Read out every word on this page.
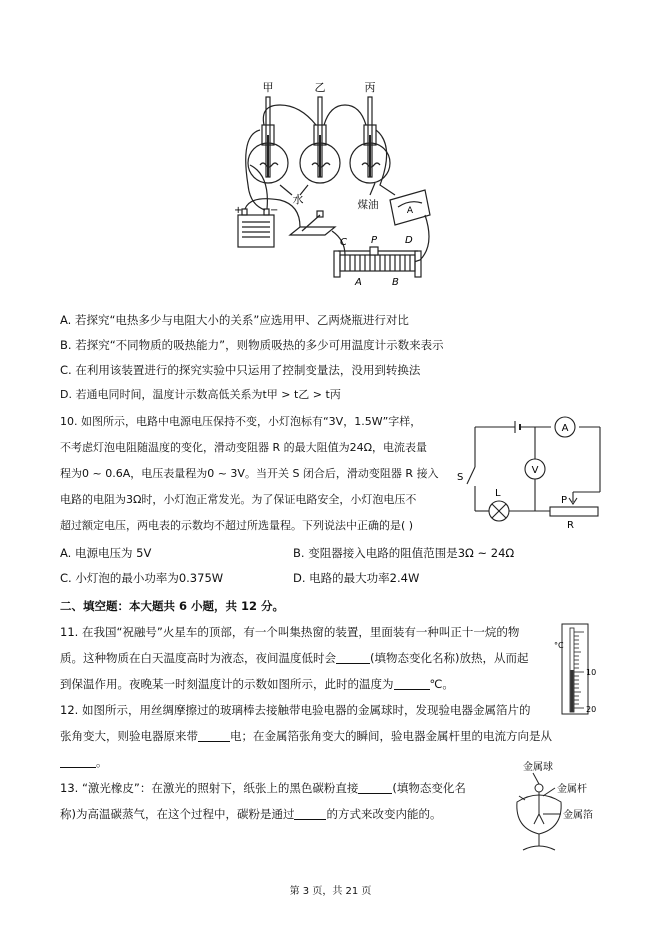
甲	乙	丙
水	煤油
+	−	A
C P	D
A	B
A. 若探究“电热多少与电阻大小的关系”应选用甲、乙两烧瓶进行对比
B. 若探究“不同物质的吸热能力”，则物质吸热的多少可用温度计示数来表示
C. 在利用该装置进行的探究实验中只运用了控制变量法，没用到转换法
D. 若通电同时间，温度计示数高低关系为t甲 > t乙 > t丙
10. 如图所示，电路中电源电压保持不变，小灯泡标有“3V，1.5W”字样，
不考虑灯泡电阻随温度的变化，滑动变阻器 R 的最大阻值为24Ω，电流表量
程为0 ~ 0.6A，电压表量程为0 ~ 3V。当开关 S 闭合后，滑动变阻器 R 接入
电路的电阻为3Ω时，小灯泡正常发光。为了保证电路安全，小灯泡电压不
超过额定电压，两电表的示数均不超过所选量程。下列说法中正确的是( )
A. 电源电压为 5V	B. 变阻器接入电路的阻值范围是3Ω ~ 24Ω
C. 小灯泡的最小功率为0.375W	D. 电路的最大功率2.4W
A
V
S
L
P
R
二、填空题：本大题共 6 小题，共 12 分。
11. 在我国“祝融号”火星车的顶部，有一个叫集热窗的装置，里面装有一种叫正十一烷的物
质。这种物质在白天温度高时为液态，夜间温度低时会	(填物态变化名称)放热，从而起
到保温作用。夜晚某一时刻温度计的示数如图所示，此时的温度为	℃。
°C
10
20
12. 如图所示，用丝绸摩擦过的玻璃棒去接触带电验电器的金属球时，发现验电器金属箔片的
张角变大，则验电器原来带	电；在金属箔张角变大的瞬间，验电器金属杆里的电流方向是从
。
13. “激光橡皮”：在激光的照射下，纸张上的黑色碳粉直接	(填物态变化名
称)为高温碳蒸气，在这个过程中，碳粉是通过	的方式来改变内能的。
金属球
金属杆
金属箔
第 3 页，共 21 页
